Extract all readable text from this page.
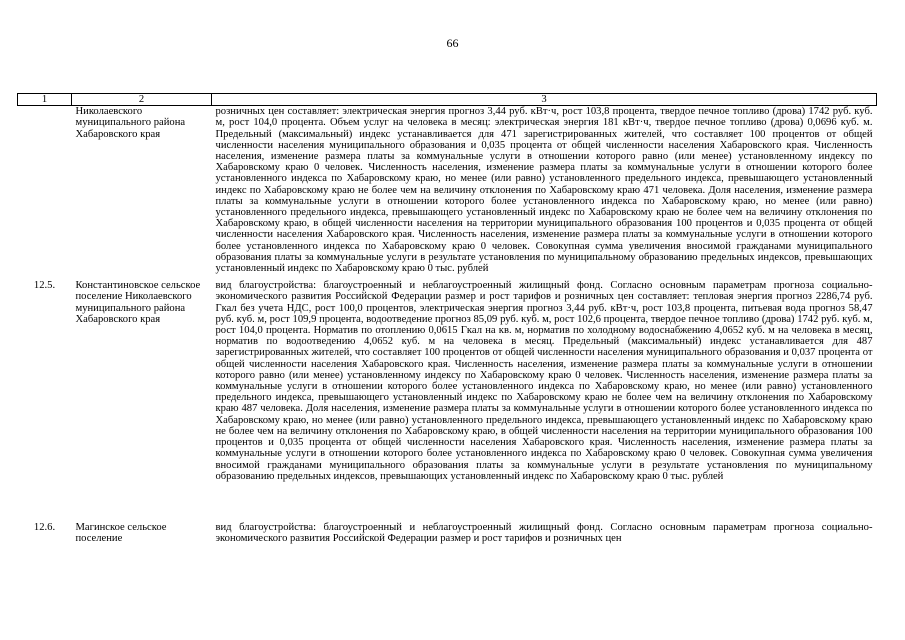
66
1	2	3
	Николаевского муниципального района Хабаровского края	розничных цен составляет: электрическая энергия прогноз 3,44 руб. кВт·ч, рост 103,8 процента, твердое печное топливо (дрова) 1742 руб. куб. м, рост 104,0 процента. Объем услуг на человека в месяц: электрическая энергия 181 кВт·ч, твердое печное топливо (дрова) 0,0696 куб. м. Предельный (максимальный) индекс устанавливается для 471 зарегистрированных жителей, что составляет 100 процентов от общей численности населения муниципального образования и 0,035 процента от общей численности населения Хабаровского края. Численность населения, изменение размера платы за коммунальные услуги в отношении которого равно (или менее) установленному индексу по Хабаровскому краю 0 человек. Численность населения, изменение размера платы за коммунальные услуги в отношении которого более установленного индекса по Хабаровскому краю, но менее (или равно) установленного предельного индекса, превышающего установленный индекс по Хабаровскому краю не более чем на величину отклонения по Хабаровскому краю 471 человека. Доля населения, изменение размера платы за коммунальные услуги в отношении которого более установленного индекса по Хабаровскому краю, но менее (или равно) установленного предельного индекса, превышающего установленный индекс по Хабаровскому краю не более чем на величину отклонения по Хабаровскому краю, в общей численности населения на территории муниципального образования 100 процентов и 0,035 процента от общей численности населения Хабаровского края. Численность населения, изменение размера платы за коммунальные услуги в отношении которого более установленного индекса по Хабаровскому краю 0 человек. Совокупная сумма увеличения вносимой гражданами муниципального образования платы за коммунальные услуги в результате установления по муниципальному образованию предельных индексов, превышающих установленный индекс по Хабаровскому краю 0 тыс. рублей
12.5.	Константиновское сельское поселение Николаевского муниципального района Хабаровского края	вид благоустройства: благоустроенный и неблагоустроенный жилищный фонд. Согласно основным параметрам прогноза социально-экономического развития Российской Федерации размер и рост тарифов и розничных цен составляет: тепловая энергия прогноз 2286,74 руб. Гкал без учета НДС, рост 100,0 процентов, электрическая энергия прогноз 3,44 руб. кВт·ч, рост 103,8 процента, питьевая вода прогноз 58,47 руб. куб. м, рост 109,9 процента, водоотведение прогноз 85,09 руб. куб. м, рост 102,6 процента, твердое печное топливо (дрова) 1742 руб. куб. м, рост 104,0 процента. Норматив по отоплению 0,0615 Гкал на кв. м, норматив по холодному водоснабжению 4,0652 куб. м на человека в месяц, норматив по водоотведению 4,0652 куб. м на человека в месяц. Предельный (максимальный) индекс устанавливается для 487 зарегистрированных жителей, что составляет 100 процентов от общей численности населения муниципального образования и 0,037 процента от общей численности населения Хабаровского края. Численность населения, изменение размера платы за коммунальные услуги в отношении которого равно (или менее) установленному индексу по Хабаровскому краю 0 человек. Численность населения, изменение размера платы за коммунальные услуги в отношении которого более установленного индекса по Хабаровскому краю, но менее (или равно) установленного предельного индекса, превышающего установленный индекс по Хабаровскому краю не более чем на величину отклонения по Хабаровскому краю 487 человека. Доля населения, изменение размера платы за коммунальные услуги в отношении которого более установленного индекса по Хабаровскому краю, но менее (или равно) установленного предельного индекса, превышающего установленный индекс по Хабаровскому краю не более чем на величину отклонения по Хабаровскому краю, в общей численности населения на территории муниципального образования 100 процентов и 0,035 процента от общей численности населения Хабаровского края. Численность населения, изменение размера платы за коммунальные услуги в отношении которого более установленного индекса по Хабаровскому краю 0 человек. Совокупная сумма увеличения вносимой гражданами муниципального образования платы за коммунальные услуги в результате установления по муниципальному образованию предельных индексов, превышающих установленный индекс по Хабаровскому краю 0 тыс. рублей
12.6.	Магинское сельское поселение	вид благоустройства: благоустроенный и неблагоустроенный жилищный фонд. Согласно основным параметрам прогноза социально-экономического развития Российской Федерации размер и рост тарифов и розничных цен
